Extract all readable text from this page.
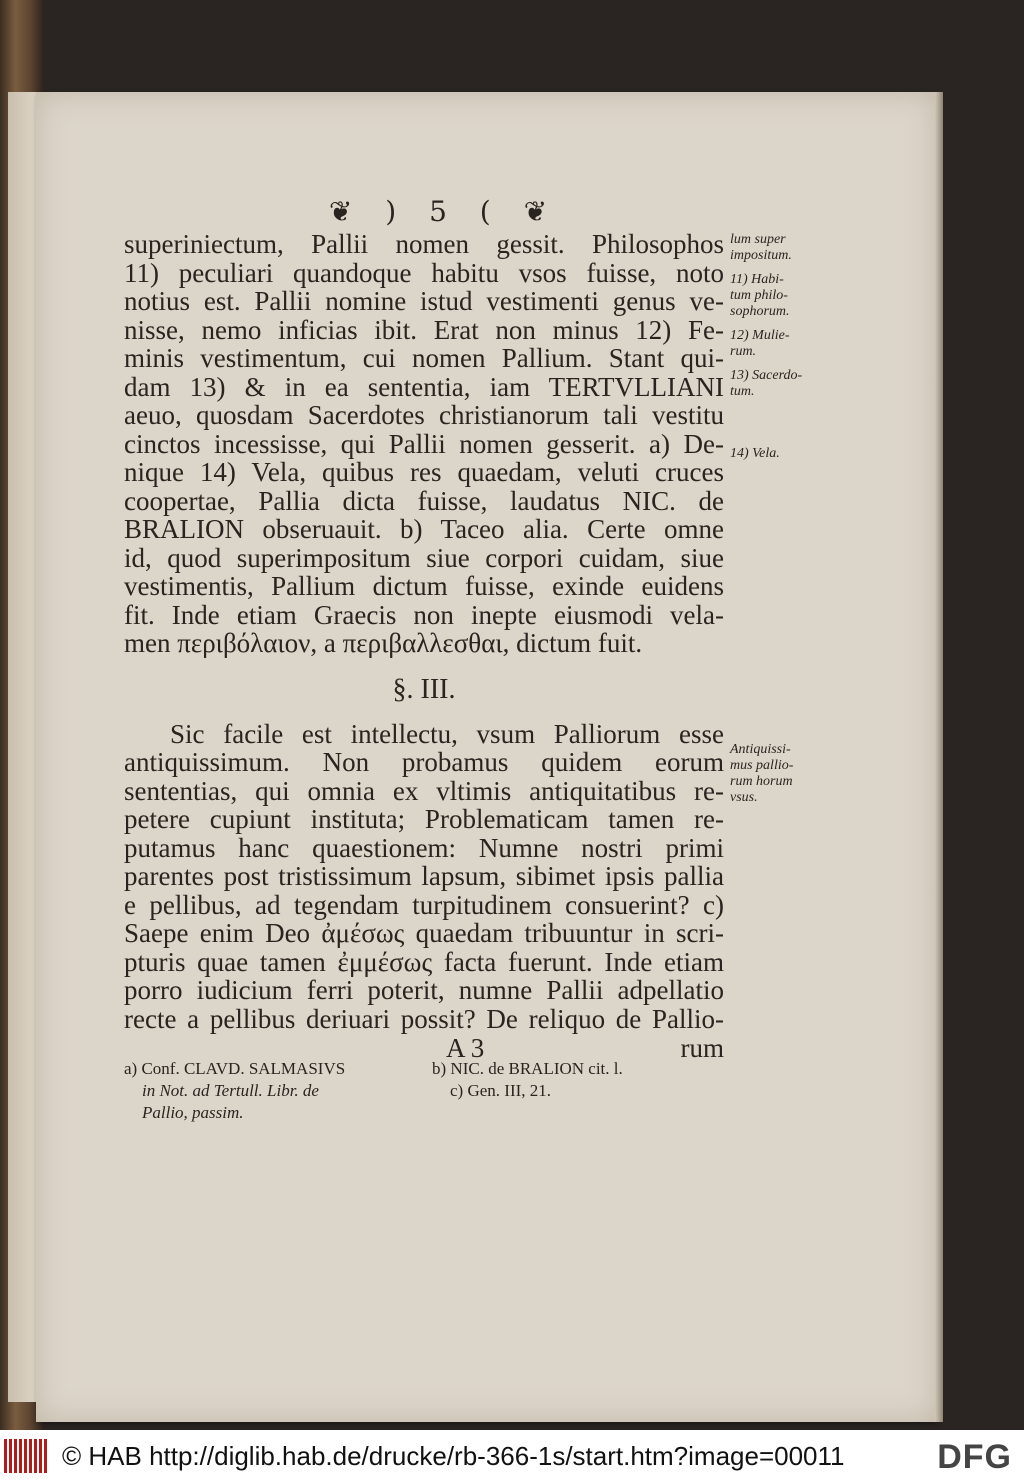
❦ ) 5 ( ❦
superiniectum, Pallii nomen gessit. Philosophos
11) peculiari quandoque habitu vsos fuisse, noto
notius est. Pallii nomine istud vestimenti genus ve-
nisse, nemo inficias ibit. Erat non minus 12) Fe-
minis vestimentum, cui nomen Pallium. Stant qui-
dam 13) & in ea sententia, iam TERTVLLIANI
aeuo, quosdam Sacerdotes christianorum tali vestitu
cinctos incessisse, qui Pallii nomen gesserit. a) De-
nique 14) Vela, quibus res quaedam, veluti cruces
coopertae, Pallia dicta fuisse, laudatus NIC. de
BRALION obseruauit. b) Taceo alia. Certe omne
id, quod superimpositum siue corpori cuidam, siue
vestimentis, Pallium dictum fuisse, exinde euidens
fit. Inde etiam Graecis non inepte eiusmodi vela-
men περιβόλαιον, a περιβαλλεσθαι, dictum fuit.
§. III.
Sic facile est intellectu, vsum Palliorum esse
antiquissimum. Non probamus quidem eorum
sententias, qui omnia ex vltimis antiquitatibus re-
petere cupiunt instituta; Problematicam tamen re-
putamus hanc quaestionem: Numne nostri primi
parentes post tristissimum lapsum, sibimet ipsis pallia
e pellibus, ad tegendam turpitudinem consuerint? c)
Saepe enim Deo ἀμέσως quaedam tribuuntur in scri-
pturis quae tamen ἐμμέσως facta fuerunt. Inde etiam
porro iudicium ferri poterit, numne Pallii adpellatio
recte a pellibus deriuari possit? De reliquo de Pallio-
A 3	rum
lum super
impositum.
11) Habi-
tum philo-
sophorum.
12) Mulie-
rum.
13) Sacerdo-
tum.
14) Vela.
Antiquissi-
mus pallio-
rum horum
vsus.
a) Conf. CLAVD. SALMASIVS	b) NIC. de BRALION cit. l.
in Not. ad Tertull. Libr. de	c) Gen. III, 21.
Pallio, passim.
© HAB http://diglib.hab.de/drucke/rb-366-1s/start.htm?image=00011	DFG
